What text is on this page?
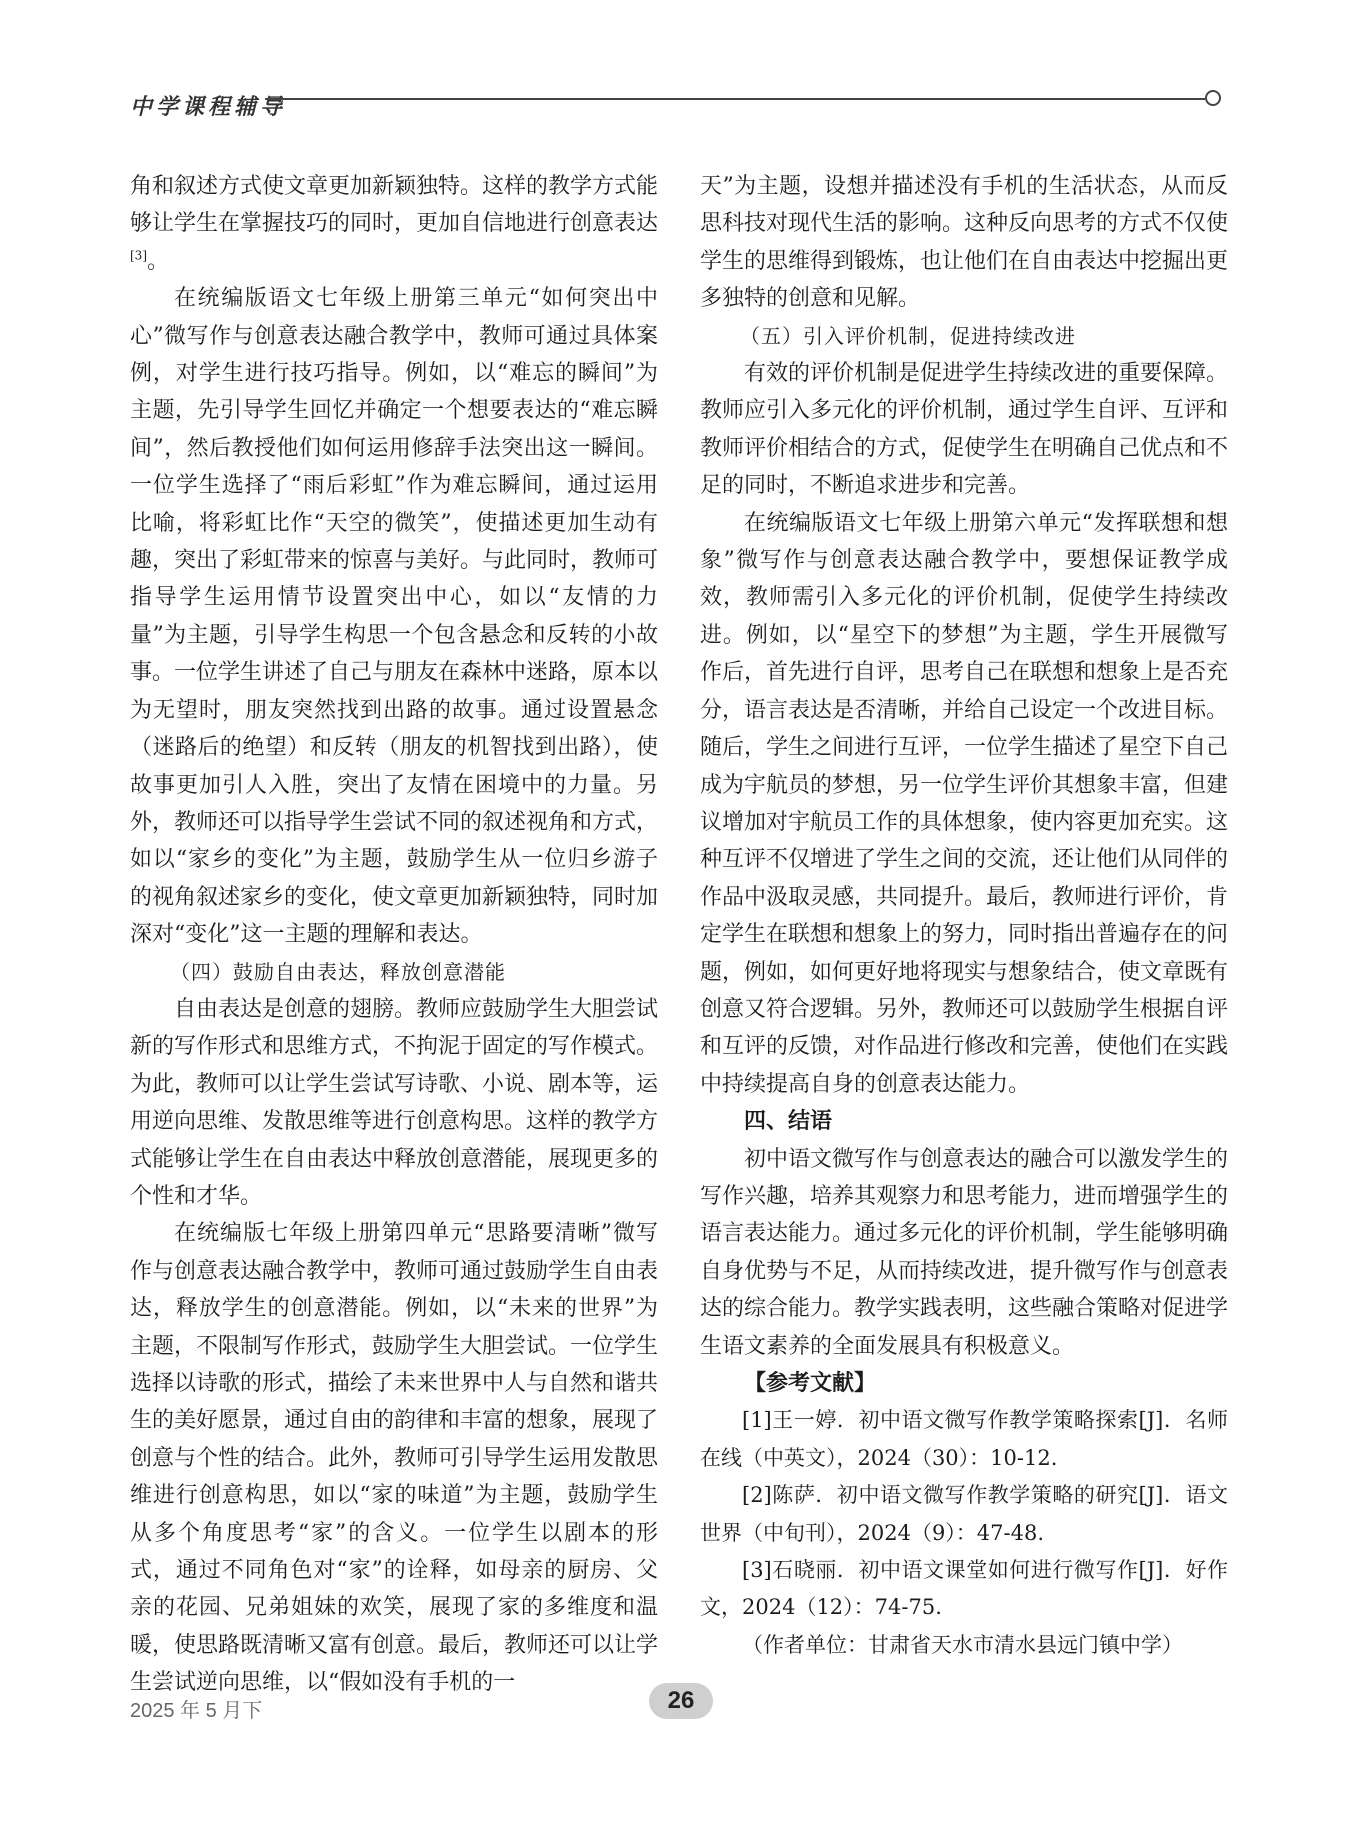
中学课程辅导

角和叙述方式使文章更加新颖独特。这样的教学方式能够让学生在掌握技巧的同时，更加自信地进行创意表达[3]。

在统编版语文七年级上册第三单元“如何突出中心”微写作与创意表达融合教学中，教师可通过具体案例，对学生进行技巧指导。例如，以“难忘的瞬间”为主题，先引导学生回忆并确定一个想要表达的“难忘瞬间”，然后教授他们如何运用修辞手法突出这一瞬间。一位学生选择了“雨后彩虹”作为难忘瞬间，通过运用比喻，将彩虹比作“天空的微笑”，使描述更加生动有趣，突出了彩虹带来的惊喜与美好。与此同时，教师可指导学生运用情节设置突出中心，如以“友情的力量”为主题，引导学生构思一个包含悬念和反转的小故事。一位学生讲述了自己与朋友在森林中迷路，原本以为无望时，朋友突然找到出路的故事。通过设置悬念（迷路后的绝望）和反转（朋友的机智找到出路），使故事更加引人入胜，突出了友情在困境中的力量。另外，教师还可以指导学生尝试不同的叙述视角和方式，如以“家乡的变化”为主题，鼓励学生从一位归乡游子的视角叙述家乡的变化，使文章更加新颖独特，同时加深对“变化”这一主题的理解和表达。

（四）鼓励自由表达，释放创意潜能

自由表达是创意的翅膀。教师应鼓励学生大胆尝试新的写作形式和思维方式，不拘泥于固定的写作模式。为此，教师可以让学生尝试写诗歌、小说、剧本等，运用逆向思维、发散思维等进行创意构思。这样的教学方式能够让学生在自由表达中释放创意潜能，展现更多的个性和才华。

在统编版七年级上册第四单元“思路要清晰”微写作与创意表达融合教学中，教师可通过鼓励学生自由表达，释放学生的创意潜能。例如，以“未来的世界”为主题，不限制写作形式，鼓励学生大胆尝试。一位学生选择以诗歌的形式，描绘了未来世界中人与自然和谐共生的美好愿景，通过自由的韵律和丰富的想象，展现了创意与个性的结合。此外，教师可引导学生运用发散思维进行创意构思，如以“家的味道”为主题，鼓励学生从多个角度思考“家”的含义。一位学生以剧本的形式，通过不同角色对“家”的诠释，如母亲的厨房、父亲的花园、兄弟姐妹的欢笑，展现了家的多维度和温暖，使思路既清晰又富有创意。最后，教师还可以让学生尝试逆向思维，以“假如没有手机的一

天”为主题，设想并描述没有手机的生活状态，从而反思科技对现代生活的影响。这种反向思考的方式不仅使学生的思维得到锻炼，也让他们在自由表达中挖掘出更多独特的创意和见解。

（五）引入评价机制，促进持续改进

有效的评价机制是促进学生持续改进的重要保障。教师应引入多元化的评价机制，通过学生自评、互评和教师评价相结合的方式，促使学生在明确自己优点和不足的同时，不断追求进步和完善。

在统编版语文七年级上册第六单元“发挥联想和想象”微写作与创意表达融合教学中，要想保证教学成效，教师需引入多元化的评价机制，促使学生持续改进。例如，以“星空下的梦想”为主题，学生开展微写作后，首先进行自评，思考自己在联想和想象上是否充分，语言表达是否清晰，并给自己设定一个改进目标。随后，学生之间进行互评，一位学生描述了星空下自己成为宇航员的梦想，另一位学生评价其想象丰富，但建议增加对宇航员工作的具体想象，使内容更加充实。这种互评不仅增进了学生之间的交流，还让他们从同伴的作品中汲取灵感，共同提升。最后，教师进行评价，肯定学生在联想和想象上的努力，同时指出普遍存在的问题，例如，如何更好地将现实与想象结合，使文章既有创意又符合逻辑。另外，教师还可以鼓励学生根据自评和互评的反馈，对作品进行修改和完善，使他们在实践中持续提高自身的创意表达能力。

四、结语

初中语文微写作与创意表达的融合可以激发学生的写作兴趣，培养其观察力和思考能力，进而增强学生的语言表达能力。通过多元化的评价机制，学生能够明确自身优势与不足，从而持续改进，提升微写作与创意表达的综合能力。教学实践表明，这些融合策略对促进学生语文素养的全面发展具有积极意义。

【参考文献】

[1]王一婷．初中语文微写作教学策略探索[J]．名师在线（中英文），2024（30）：10-12.

[2]陈萨．初中语文微写作教学策略的研究[J]．语文世界（中旬刊），2024（9）：47-48.

[3]石晓丽．初中语文课堂如何进行微写作[J]．好作文，2024（12）：74-75.

（作者单位：甘肃省天水市清水县远门镇中学）

2025 年 5 月下	26
